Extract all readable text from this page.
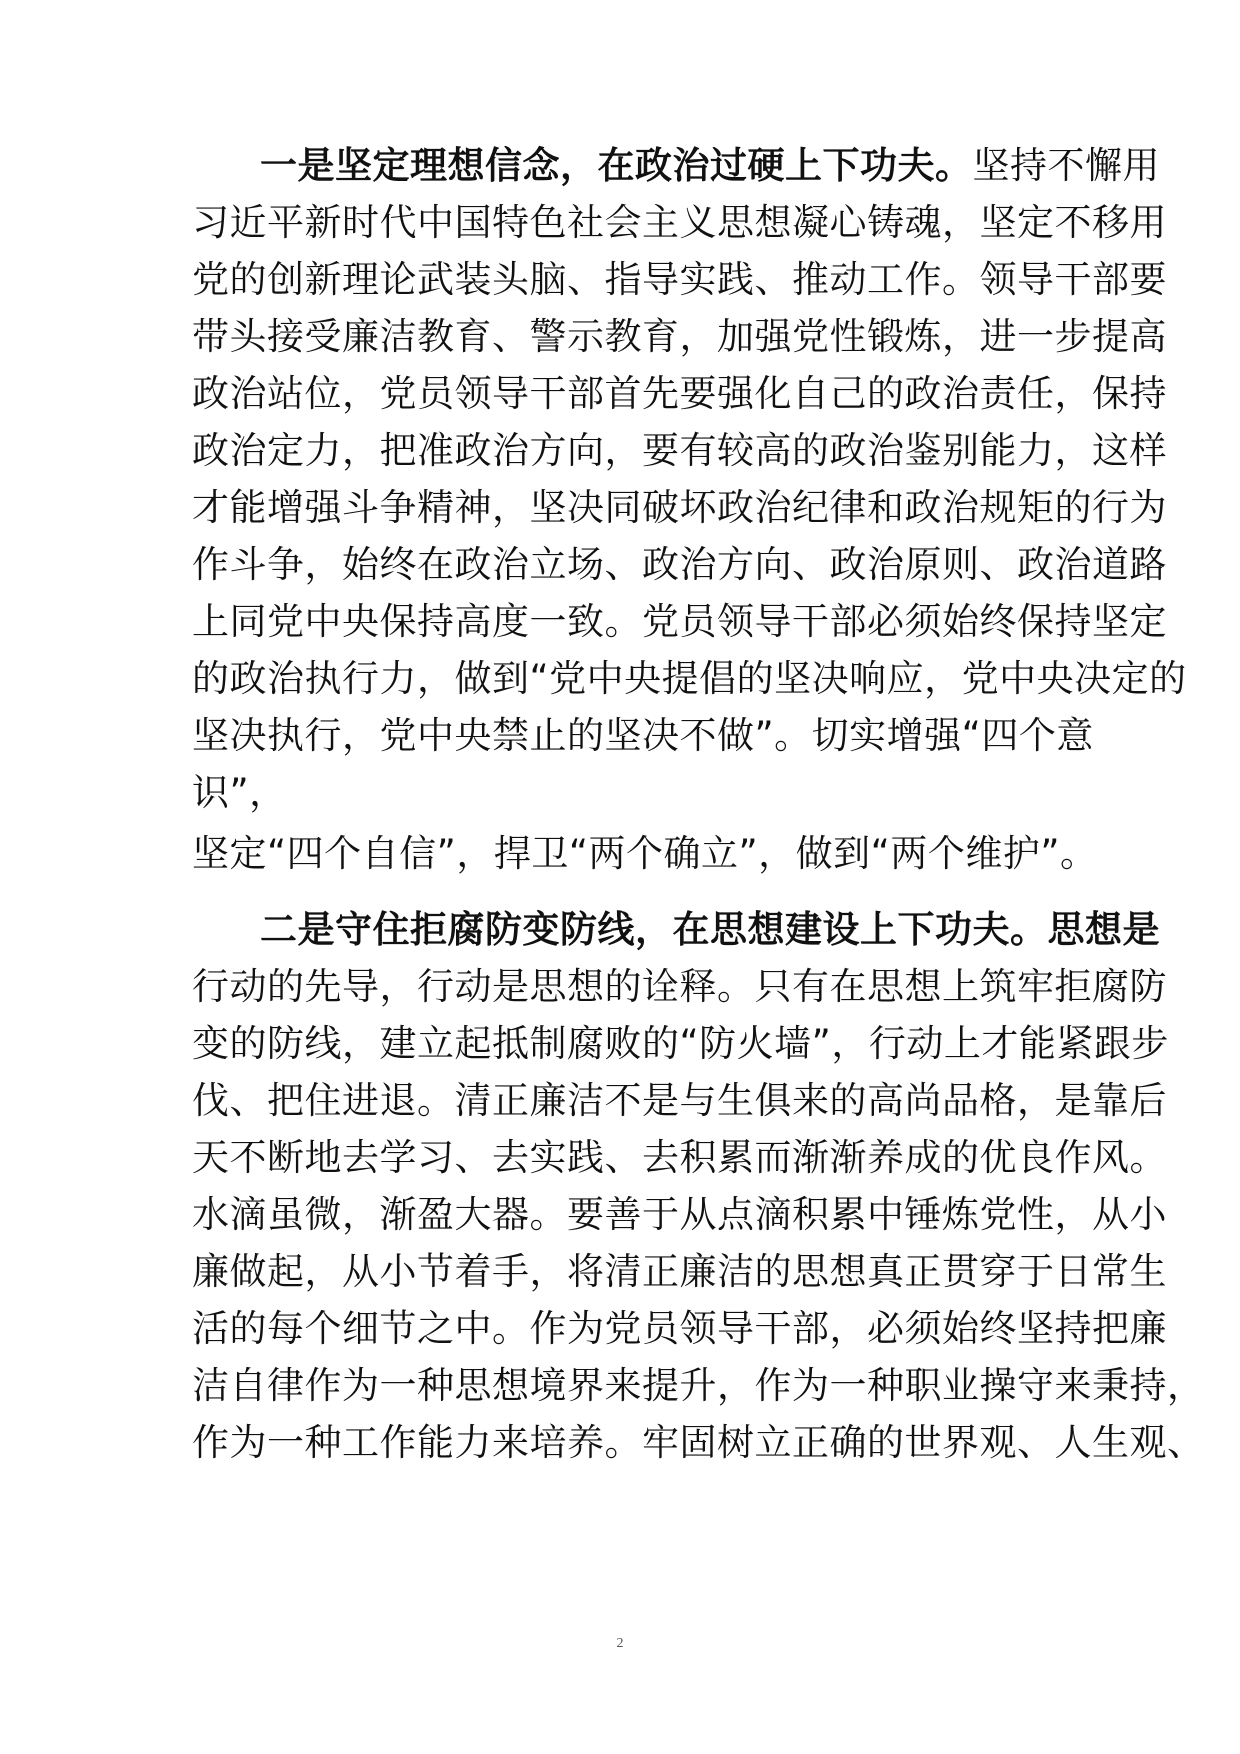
一是坚定理想信念，在政治过硬上下功夫。坚持不懈用
习近平新时代中国特色社会主义思想凝心铸魂，坚定不移用
党的创新理论武装头脑、指导实践、推动工作。领导干部要
带头接受廉洁教育、警示教育，加强党性锻炼，进一步提高
政治站位，党员领导干部首先要强化自己的政治责任，保持
政治定力，把准政治方向，要有较高的政治鉴别能力，这样
才能增强斗争精神，坚决同破坏政治纪律和政治规矩的行为
作斗争，始终在政治立场、政治方向、政治原则、政治道路
上同党中央保持高度一致。党员领导干部必须始终保持坚定
的政治执行力，做到“党中央提倡的坚决响应，党中央决定的
坚决执行，党中央禁止的坚决不做”。切实增强“四个意
识”，
坚定“四个自信”，捍卫“两个确立”，做到“两个维护”。
二是守住拒腐防变防线，在思想建设上下功夫。思想是
行动的先导，行动是思想的诠释。只有在思想上筑牢拒腐防
变的防线，建立起抵制腐败的“防火墙”，行动上才能紧跟步
伐、把住进退。清正廉洁不是与生俱来的高尚品格，是靠后
天不断地去学习、去实践、去积累而渐渐养成的优良作风。
水滴虽微，渐盈大器。要善于从点滴积累中锤炼党性，从小
廉做起，从小节着手，将清正廉洁的思想真正贯穿于日常生
活的每个细节之中。作为党员领导干部，必须始终坚持把廉
洁自律作为一种思想境界来提升，作为一种职业操守来秉持，
作为一种工作能力来培养。牢固树立正确的世界观、人生观、
2
